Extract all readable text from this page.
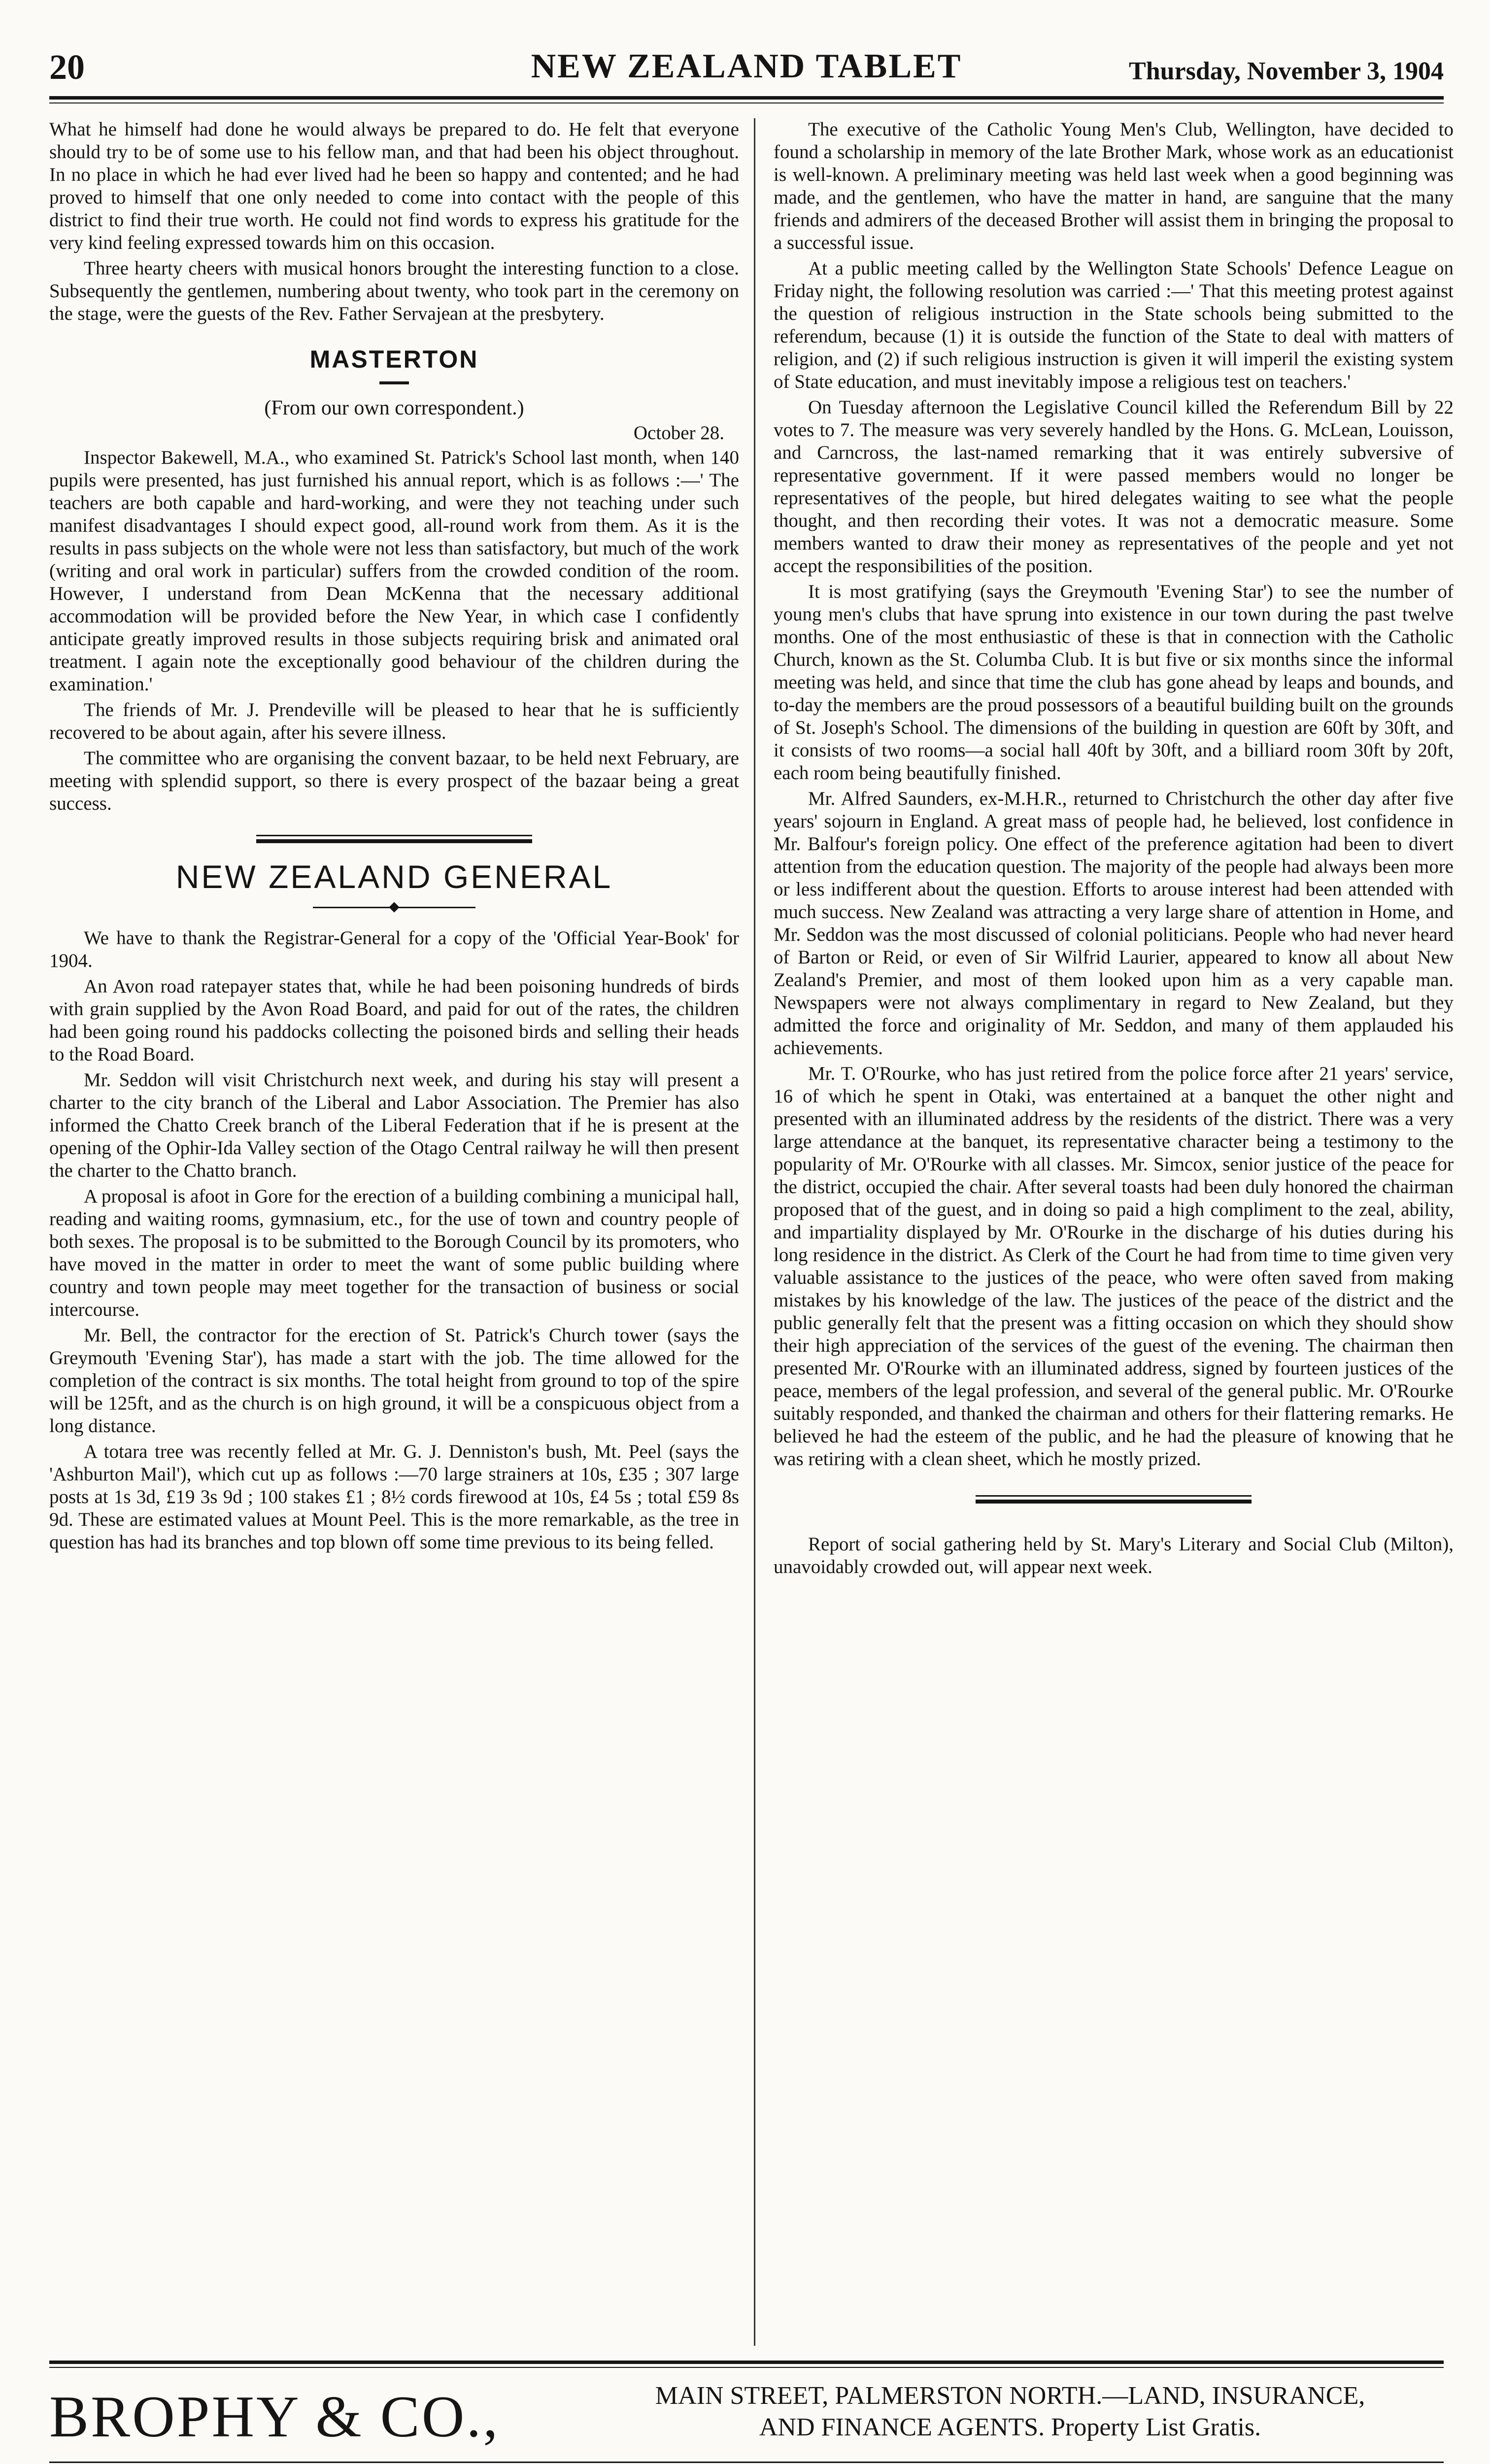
20	NEW ZEALAND TABLET	Thursday, November 3, 1904

What he himself had done he would always be prepared to do. He felt that everyone should try to be of some use to his fellow man, and that had been his object throughout. In no place in which he had ever lived had he been so happy and contented; and he had proved to himself that one only needed to come into contact with the people of this district to find their true worth. He could not find words to express his gratitude for the very kind feeling expressed towards him on this occasion.

Three hearty cheers with musical honors brought the interesting function to a close. Subsequently the gentlemen, numbering about twenty, who took part in the ceremony on the stage, were the guests of the Rev. Father Servajean at the presbytery.

MASTERTON
(From our own correspondent.)
October 28.

Inspector Bakewell, M.A., who examined St. Patrick's School last month, when 140 pupils were presented, has just furnished his annual report, which is as follows :—' The teachers are both capable and hard-working, and were they not teaching under such manifest disadvantages I should expect good, all-round work from them. As it is the results in pass subjects on the whole were not less than satisfactory, but much of the work (writing and oral work in particular) suffers from the crowded condition of the room. However, I understand from Dean McKenna that the necessary additional accommodation will be provided before the New Year, in which case I confidently anticipate greatly improved results in those subjects requiring brisk and animated oral treatment. I again note the exceptionally good behaviour of the children during the examination.'

The friends of Mr. J. Prendeville will be pleased to hear that he is sufficiently recovered to be about again, after his severe illness.

The committee who are organising the convent bazaar, to be held next February, are meeting with splendid support, so there is every prospect of the bazaar being a great success.

NEW ZEALAND GENERAL

We have to thank the Registrar-General for a copy of the 'Official Year-Book' for 1904.

An Avon road ratepayer states that, while he had been poisoning hundreds of birds with grain supplied by the Avon Road Board, and paid for out of the rates, the children had been going round his paddocks collecting the poisoned birds and selling their heads to the Road Board.

Mr. Seddon will visit Christchurch next week, and during his stay will present a charter to the city branch of the Liberal and Labor Association. The Premier has also informed the Chatto Creek branch of the Liberal Federation that if he is present at the opening of the Ophir-Ida Valley section of the Otago Central railway he will then present the charter to the Chatto branch.

A proposal is afoot in Gore for the erection of a building combining a municipal hall, reading and waiting rooms, gymnasium, etc., for the use of town and country people of both sexes. The proposal is to be submitted to the Borough Council by its promoters, who have moved in the matter in order to meet the want of some public building where country and town people may meet together for the transaction of business or social intercourse.

Mr. Bell, the contractor for the erection of St. Patrick's Church tower (says the Greymouth 'Evening Star'), has made a start with the job. The time allowed for the completion of the contract is six months. The total height from ground to top of the spire will be 125ft, and as the church is on high ground, it will be a conspicuous object from a long distance.

A totara tree was recently felled at Mr. G. J. Denniston's bush, Mt. Peel (says the 'Ashburton Mail'), which cut up as follows :—70 large strainers at 10s, £35 ; 307 large posts at 1s 3d, £19 3s 9d ; 100 stakes £1 ; 8½ cords firewood at 10s, £4 5s ; total £59 8s 9d. These are estimated values at Mount Peel. This is the more remarkable, as the tree in question has had its branches and top blown off some time previous to its being felled.

The executive of the Catholic Young Men's Club, Wellington, have decided to found a scholarship in memory of the late Brother Mark, whose work as an educationist is well-known. A preliminary meeting was held last week when a good beginning was made, and the gentlemen, who have the matter in hand, are sanguine that the many friends and admirers of the deceased Brother will assist them in bringing the proposal to a successful issue.

At a public meeting called by the Wellington State Schools' Defence League on Friday night, the following resolution was carried :—' That this meeting protest against the question of religious instruction in the State schools being submitted to the referendum, because (1) it is outside the function of the State to deal with matters of religion, and (2) if such religious instruction is given it will imperil the existing system of State education, and must inevitably impose a religious test on teachers.'

On Tuesday afternoon the Legislative Council killed the Referendum Bill by 22 votes to 7. The measure was very severely handled by the Hons. G. McLean, Louisson, and Carncross, the last-named remarking that it was entirely subversive of representative government. If it were passed members would no longer be representatives of the people, but hired delegates waiting to see what the people thought, and then recording their votes. It was not a democratic measure. Some members wanted to draw their money as representatives of the people and yet not accept the responsibilities of the position.

It is most gratifying (says the Greymouth 'Evening Star') to see the number of young men's clubs that have sprung into existence in our town during the past twelve months. One of the most enthusiastic of these is that in connection with the Catholic Church, known as the St. Columba Club. It is but five or six months since the informal meeting was held, and since that time the club has gone ahead by leaps and bounds, and to-day the members are the proud possessors of a beautiful building built on the grounds of St. Joseph's School. The dimensions of the building in question are 60ft by 30ft, and it consists of two rooms—a social hall 40ft by 30ft, and a billiard room 30ft by 20ft, each room being beautifully finished.

Mr. Alfred Saunders, ex-M.H.R., returned to Christchurch the other day after five years' sojourn in England. A great mass of people had, he believed, lost confidence in Mr. Balfour's foreign policy. One effect of the preference agitation had been to divert attention from the education question. The majority of the people had always been more or less indifferent about the question. Efforts to arouse interest had been attended with much success. New Zealand was attracting a very large share of attention in Home, and Mr. Seddon was the most discussed of colonial politicians. People who had never heard of Barton or Reid, or even of Sir Wilfrid Laurier, appeared to know all about New Zealand's Premier, and most of them looked upon him as a very capable man. Newspapers were not always complimentary in regard to New Zealand, but they admitted the force and originality of Mr. Seddon, and many of them applauded his achievements.

Mr. T. O'Rourke, who has just retired from the police force after 21 years' service, 16 of which he spent in Otaki, was entertained at a banquet the other night and presented with an illuminated address by the residents of the district. There was a very large attendance at the banquet, its representative character being a testimony to the popularity of Mr. O'Rourke with all classes. Mr. Simcox, senior justice of the peace for the district, occupied the chair. After several toasts had been duly honored the chairman proposed that of the guest, and in doing so paid a high compliment to the zeal, ability, and impartiality displayed by Mr. O'Rourke in the discharge of his duties during his long residence in the district. As Clerk of the Court he had from time to time given very valuable assistance to the justices of the peace, who were often saved from making mistakes by his knowledge of the law. The justices of the peace of the district and the public generally felt that the present was a fitting occasion on which they should show their high appreciation of the services of the guest of the evening. The chairman then presented Mr. O'Rourke with an illuminated address, signed by fourteen justices of the peace, members of the legal profession, and several of the general public. Mr. O'Rourke suitably responded, and thanked the chairman and others for their flattering remarks. He believed he had the esteem of the public, and he had the pleasure of knowing that he was retiring with a clean sheet, which he mostly prized.

Report of social gathering held by St. Mary's Literary and Social Club (Milton), unavoidably crowded out, will appear next week.

BROPHY & CO.,	MAIN STREET, PALMERSTON NORTH.—LAND, INSURANCE,
AND FINANCE AGENTS. Property List Gratis.
